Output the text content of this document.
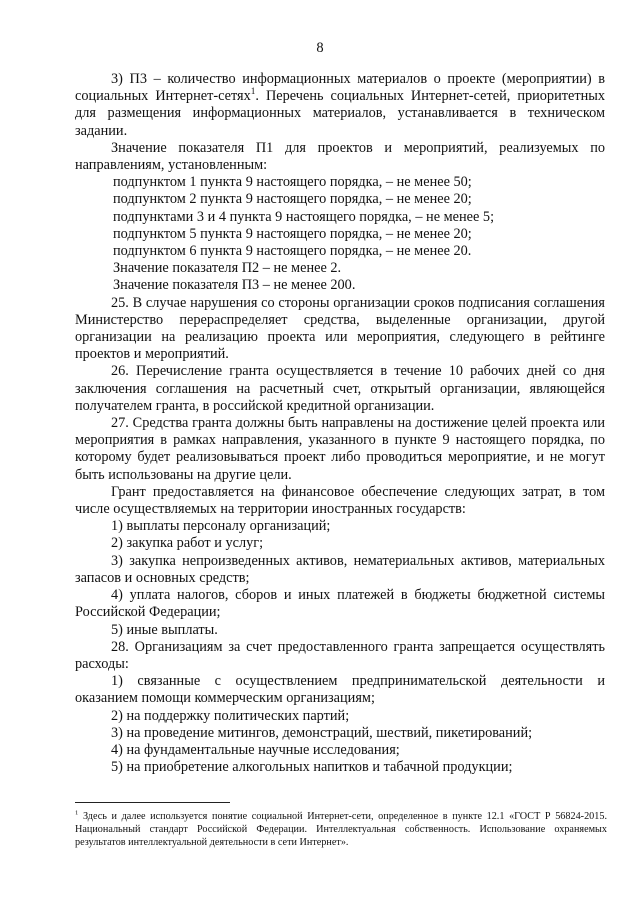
8

3) П3 – количество информационных материалов о проекте (мероприятии) в социальных Интернет-сетях$^1$. Перечень социальных Интернет-сетей, приоритетных для размещения информационных материалов, устанавливается в техническом задании.

Значение показателя П1 для проектов и мероприятий, реализуемых по направлениям, установленным:

подпунктом 1 пункта 9 настоящего порядка, – не менее 50;

подпунктом 2 пункта 9 настоящего порядка, – не менее 20;

подпунктами 3 и 4 пункта 9 настоящего порядка, – не менее 5;

подпунктом 5 пункта 9 настоящего порядка, – не менее 20;

подпунктом 6 пункта 9 настоящего порядка, – не менее 20.

Значение показателя П2 – не менее 2.

Значение показателя П3 – не менее 200.

25. В случае нарушения со стороны организации сроков подписания соглашения Министерство перераспределяет средства, выделенные организации, другой организации на реализацию проекта или мероприятия, следующего в рейтинге проектов и мероприятий.

26. Перечисление гранта осуществляется в течение 10 рабочих дней со дня заключения соглашения на расчетный счет, открытый организации, являющейся получателем гранта, в российской кредитной организации.

27. Средства гранта должны быть направлены на достижение целей проекта или мероприятия в рамках направления, указанного в пункте 9 настоящего порядка, по которому будет реализовываться проект либо проводиться мероприятие, и не могут быть использованы на другие цели.

Грант предоставляется на финансовое обеспечение следующих затрат, в том числе осуществляемых на территории иностранных государств:

1) выплаты персоналу организаций;

2) закупка работ и услуг;

3) закупка непроизведенных активов, нематериальных активов, материальных запасов и основных средств;

4) уплата налогов, сборов и иных платежей в бюджеты бюджетной системы Российской Федерации;

5) иные выплаты.

28. Организациям за счет предоставленного гранта запрещается осуществлять расходы:

1) связанные с осуществлением предпринимательской деятельности и оказанием помощи коммерческим организациям;

2) на поддержку политических партий;

3) на проведение митингов, демонстраций, шествий, пикетирований;

4) на фундаментальные научные исследования;

5) на приобретение алкогольных напитков и табачной продукции;

$^1$ Здесь и далее используется понятие социальной Интернет-сети, определенное в пункте 12.1 «ГОСТ Р 56824-2015. Национальный стандарт Российской Федерации. Интеллектуальная собственность. Использование охраняемых результатов интеллектуальной деятельности в сети Интернет».
